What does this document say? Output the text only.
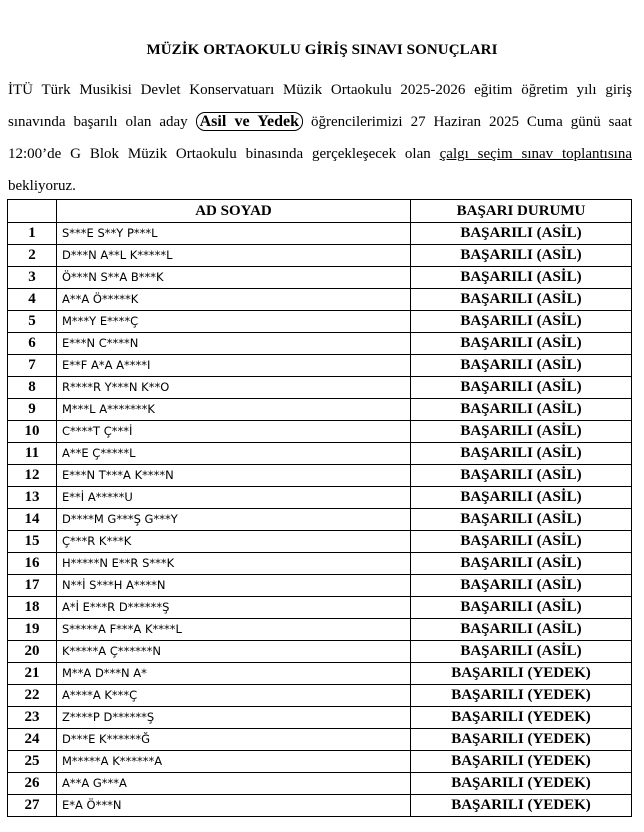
MÜZİK ORTAOKULU GİRİŞ SINAVI SONUÇLARI
İTÜ Türk Musikisi Devlet Konservatuarı Müzik Ortaokulu 2025-2026 eğitim öğretim yılı giriş sınavında başarılı olan aday Asil ve Yedek öğrencilerimizi 27 Haziran 2025 Cuma günü saat 12:00’de G Blok Müzik Ortaokulu binasında gerçekleşecek olan çalgı seçim sınav toplantısına bekliyoruz.
	AD SOYAD	BAŞARI DURUMU
1	S***E S**Y P***L	BAŞARILI (ASİL)
2	D***N A**L K*****L	BAŞARILI (ASİL)
3	Ö***N S**A B***K	BAŞARILI (ASİL)
4	A**A Ö*****K	BAŞARILI (ASİL)
5	M***Y E****Ç	BAŞARILI (ASİL)
6	E***N C****N	BAŞARILI (ASİL)
7	E**F A*A A****I	BAŞARILI (ASİL)
8	R****R Y***N K**O	BAŞARILI (ASİL)
9	M***L A*******K	BAŞARILI (ASİL)
10	C****T Ç***İ	BAŞARILI (ASİL)
11	A**E Ç*****L	BAŞARILI (ASİL)
12	E***N T***A K****N	BAŞARILI (ASİL)
13	E**İ A*****U	BAŞARILI (ASİL)
14	D****M G***Ş G***Y	BAŞARILI (ASİL)
15	Ç***R K***K	BAŞARILI (ASİL)
16	H*****N E**R S***K	BAŞARILI (ASİL)
17	N**İ S***H A****N	BAŞARILI (ASİL)
18	A*İ E***R D******Ş	BAŞARILI (ASİL)
19	S*****A F***A K****L	BAŞARILI (ASİL)
20	K*****A Ç******N	BAŞARILI (ASİL)
21	M**A D***N A*	BAŞARILI (YEDEK)
22	A****A K***Ç	BAŞARILI (YEDEK)
23	Z****P D******Ş	BAŞARILI (YEDEK)
24	D***E K******Ğ	BAŞARILI (YEDEK)
25	M*****A K******A	BAŞARILI (YEDEK)
26	A**A G***A	BAŞARILI (YEDEK)
27	E*A Ö***N	BAŞARILI (YEDEK)
